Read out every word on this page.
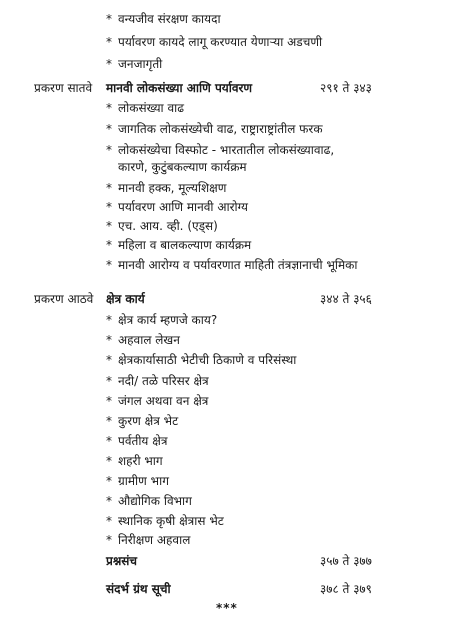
* वन्यजीव संरक्षण कायदा
* पर्यावरण कायदे लागू करण्यात येणाऱ्या अडचणी
* जनजागृती
प्रकरण सातवे मानवी लोकसंख्या आणि पर्यावरण	२९१ ते ३४३
* लोकसंख्या वाढ
* जागतिक लोकसंख्येची वाढ, राष्ट्राराष्ट्रांतील फरक
* लोकसंख्येचा विस्फोट - भारतातील लोकसंख्यावाढ,
कारणे, कुटुंबकल्याण कार्यक्रम
* मानवी हक्क, मूल्यशिक्षण
* पर्यावरण आणि मानवी आरोग्य
* एच. आय. व्ही. (एड्स)
* महिला व बालकल्याण कार्यक्रम
* मानवी आरोग्य व पर्यावरणात माहिती तंत्रज्ञानाची भूमिका
प्रकरण आठवे क्षेत्र कार्य	३४४ ते ३५६
* क्षेत्र कार्य म्हणजे काय?
* अहवाल लेखन
* क्षेत्रकार्यासाठी भेटीची ठिकाणे व परिसंस्था
* नदी/ तळे परिसर क्षेत्र
* जंगल अथवा वन क्षेत्र
* कुरण क्षेत्र भेट
* पर्वतीय क्षेत्र
* शहरी भाग
* ग्रामीण भाग
* औद्योगिक विभाग
* स्थानिक कृषी क्षेत्रास भेट
* निरीक्षण अहवाल
प्रश्नसंच	३५७ ते ३७७
संदर्भ ग्रंथ सूची	३७८ ते ३७९
***
